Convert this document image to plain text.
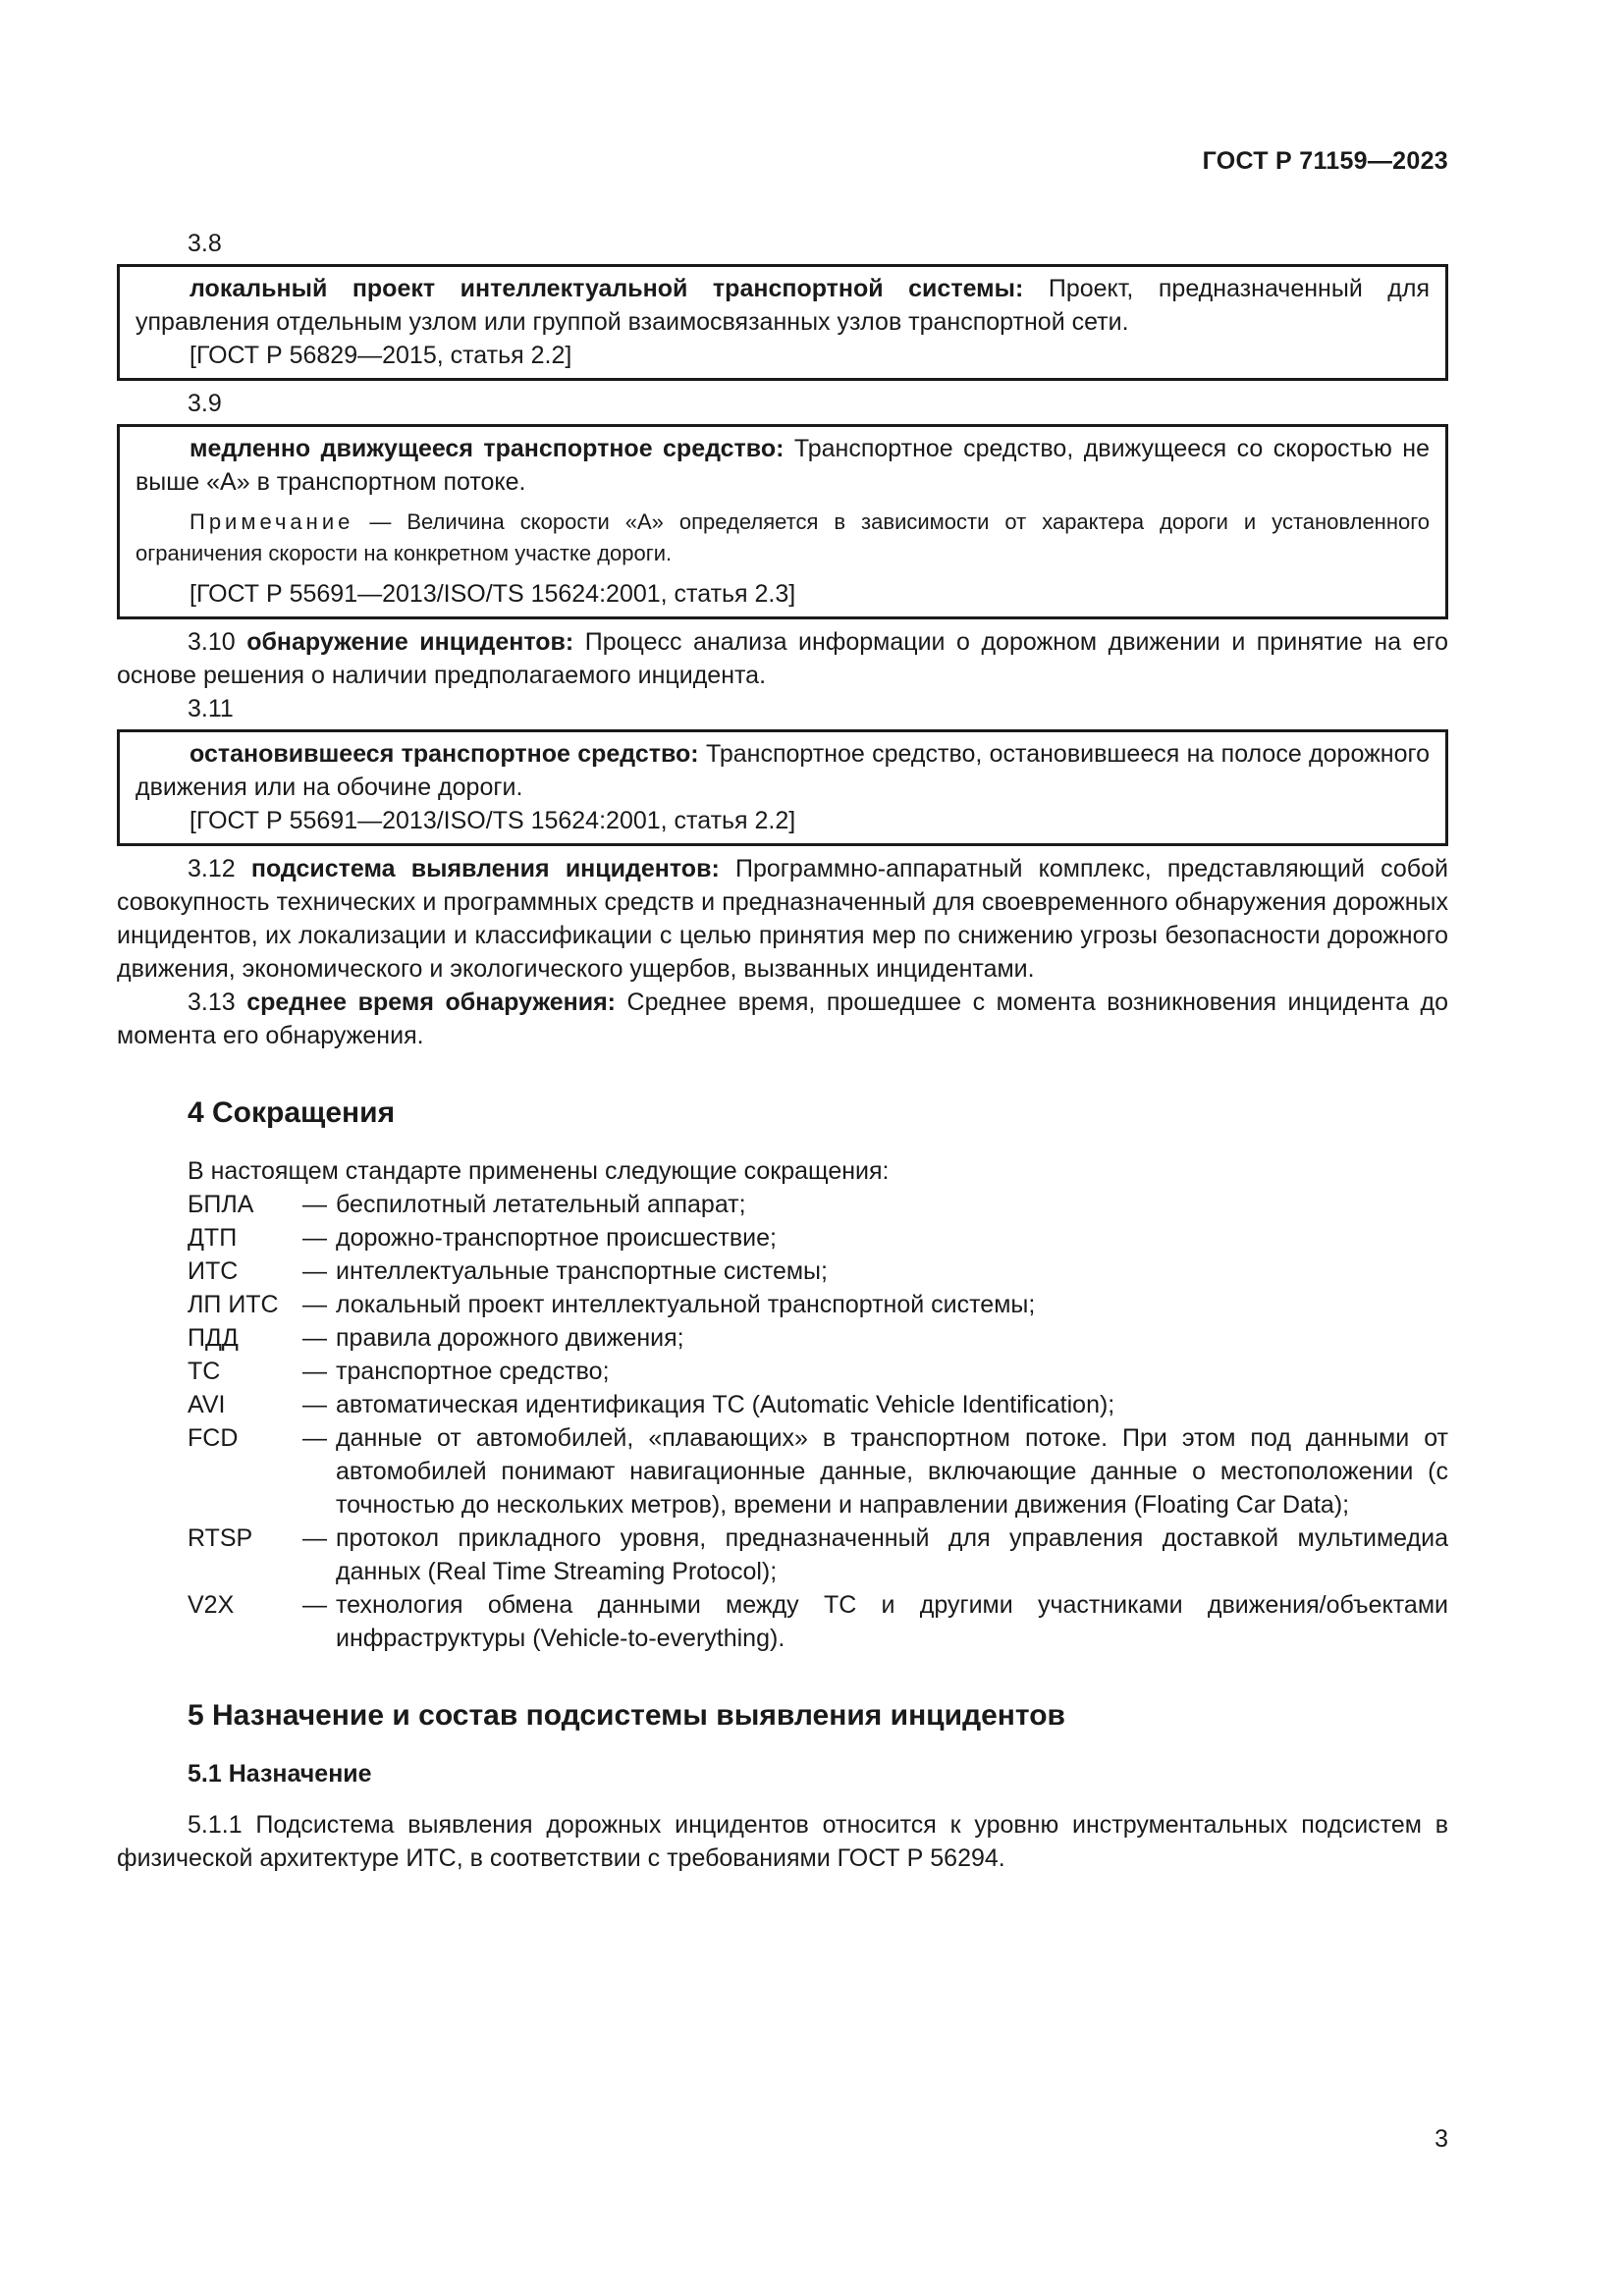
ГОСТ Р 71159—2023
3.8

локальный проект интеллектуальной транспортной системы: Проект, предназначенный для управления отдельным узлом или группой взаимосвязанных узлов транспортной сети.

[ГОСТ Р 56829—2015, статья 2.2]

3.9

медленно движущееся транспортное средство: Транспортное средство, движущееся со скоростью не выше «А» в транспортном потоке.

Примечание — Величина скорости «А» определяется в зависимости от характера дороги и установленного ограничения скорости на конкретном участке дороги.

[ГОСТ Р 55691—2013/ISO/TS 15624:2001, статья 2.3]

3.10 обнаружение инцидентов: Процесс анализа информации о дорожном движении и принятие на его основе решения о наличии предполагаемого инцидента.

3.11

остановившееся транспортное средство: Транспортное средство, остановившееся на полосе дорожного движения или на обочине дороги.

[ГОСТ Р 55691—2013/ISO/TS 15624:2001, статья 2.2]

3.12 подсистема выявления инцидентов: Программно-аппаратный комплекс, представляющий собой совокупность технических и программных средств и предназначенный для своевременного обнаружения дорожных инцидентов, их локализации и классификации с целью принятия мер по снижению угрозы безопасности дорожного движения, экономического и экологического ущербов, вызванных инцидентами.

3.13 среднее время обнаружения: Среднее время, прошедшее с момента возникновения инцидента до момента его обнаружения.

4 Сокращения

В настоящем стандарте применены следующие сокращения:

БПЛА	— беспилотный летательный аппарат;
ДТП	— дорожно-транспортное происшествие;
ИТС	— интеллектуальные транспортные системы;
ЛП ИТС — локальный проект интеллектуальной транспортной системы;
ПДД	— правила дорожного движения;
ТС	— транспортное средство;
AVI	— автоматическая идентификация ТС (Automatic Vehicle Identification);
FCD	— данные от автомобилей, «плавающих» в транспортном потоке. При этом под данными от автомобилей понимают навигационные данные, включающие данные о местоположении (с точностью до нескольких метров), времени и направлении движения (Floating Car Data);
RTSP	— протокол прикладного уровня, предназначенный для управления доставкой мультимедиа данных (Real Time Streaming Protocol);
V2X	— технология обмена данными между ТС и другими участниками движения/объектами инфраструктуры (Vehicle-to-everything).
5 Назначение и состав подсистемы выявления инцидентов
5.1 Назначение

5.1.1 Подсистема выявления дорожных инцидентов относится к уровню инструментальных подсистем в физической архитектуре ИТС, в соответствии с требованиями ГОСТ Р 56294.

3
